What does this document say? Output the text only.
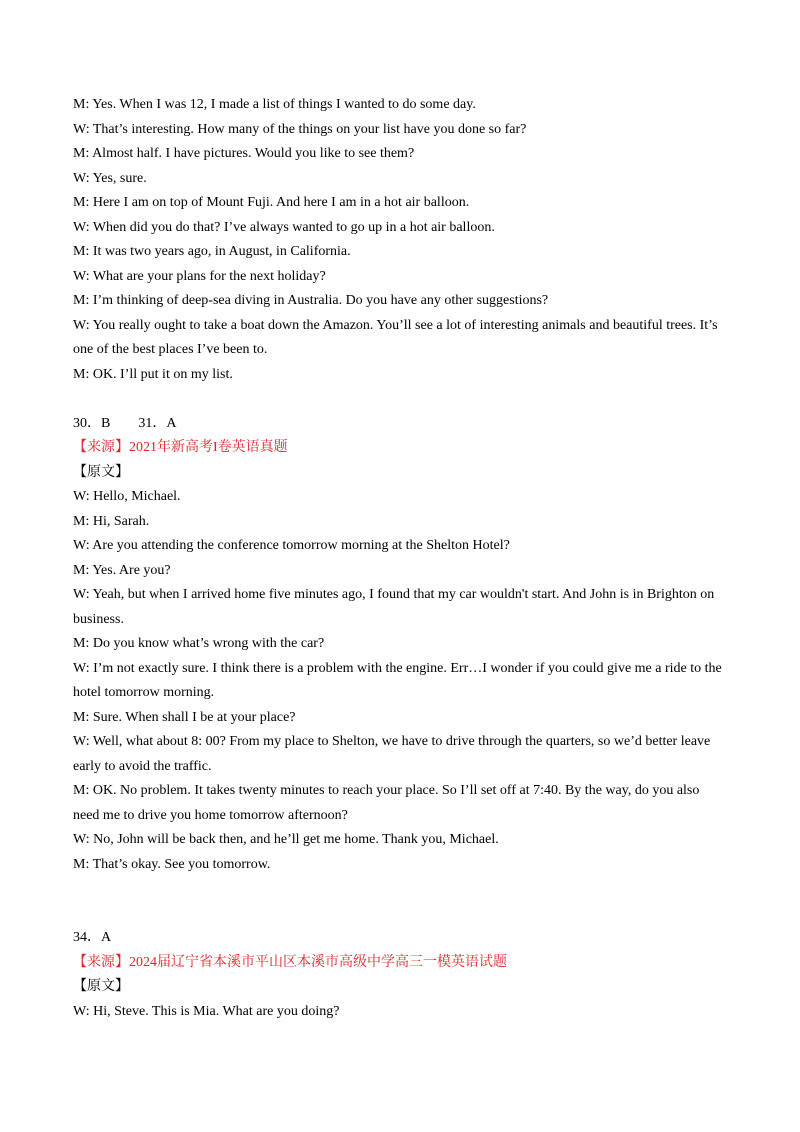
M: Yes. When I was 12, I made a list of things I wanted to do some day.
W: That’s interesting. How many of the things on your list have you done so far?
M: Almost half. I have pictures. Would you like to see them?
W: Yes, sure.
M: Here I am on top of Mount Fuji. And here I am in a hot air balloon.
W: When did you do that? I’ve always wanted to go up in a hot air balloon.
M: It was two years ago, in August, in California.
W: What are your plans for the next holiday?
M: I’m thinking of deep-sea diving in Australia. Do you have any other suggestions?
W: You really ought to take a boat down the Amazon. You’ll see a lot of interesting animals and beautiful trees. It’s
one of the best places I’ve been to.
M: OK. I’ll put it on my list.
30．B　　31．A
【来源】2021年新高考I卷英语真题
【原文】
W: Hello, Michael.
M: Hi, Sarah.
W: Are you attending the conference tomorrow morning at the Shelton Hotel?
M: Yes. Are you?
W: Yeah, but when I arrived home five minutes ago, I found that my car wouldn't start. And John is in Brighton on
business.
M: Do you know what’s wrong with the car?
W: I’m not exactly sure. I think there is a problem with the engine. Err…I wonder if you could give me a ride to the
hotel tomorrow morning.
M: Sure. When shall I be at your place?
W: Well, what about 8: 00? From my place to Shelton, we have to drive through the quarters, so we’d better leave
early to avoid the traffic.
M: OK. No problem. It takes twenty minutes to reach your place. So I’ll set off at 7:40. By the way, do you also
need me to drive you home tomorrow afternoon?
W: No, John will be back then, and he’ll get me home. Thank you, Michael.
M: That’s okay. See you tomorrow.
34．A
【来源】2024届辽宁省本溪市平山区本溪市高级中学高三一模英语试题
【原文】
W: Hi, Steve. This is Mia. What are you doing?
